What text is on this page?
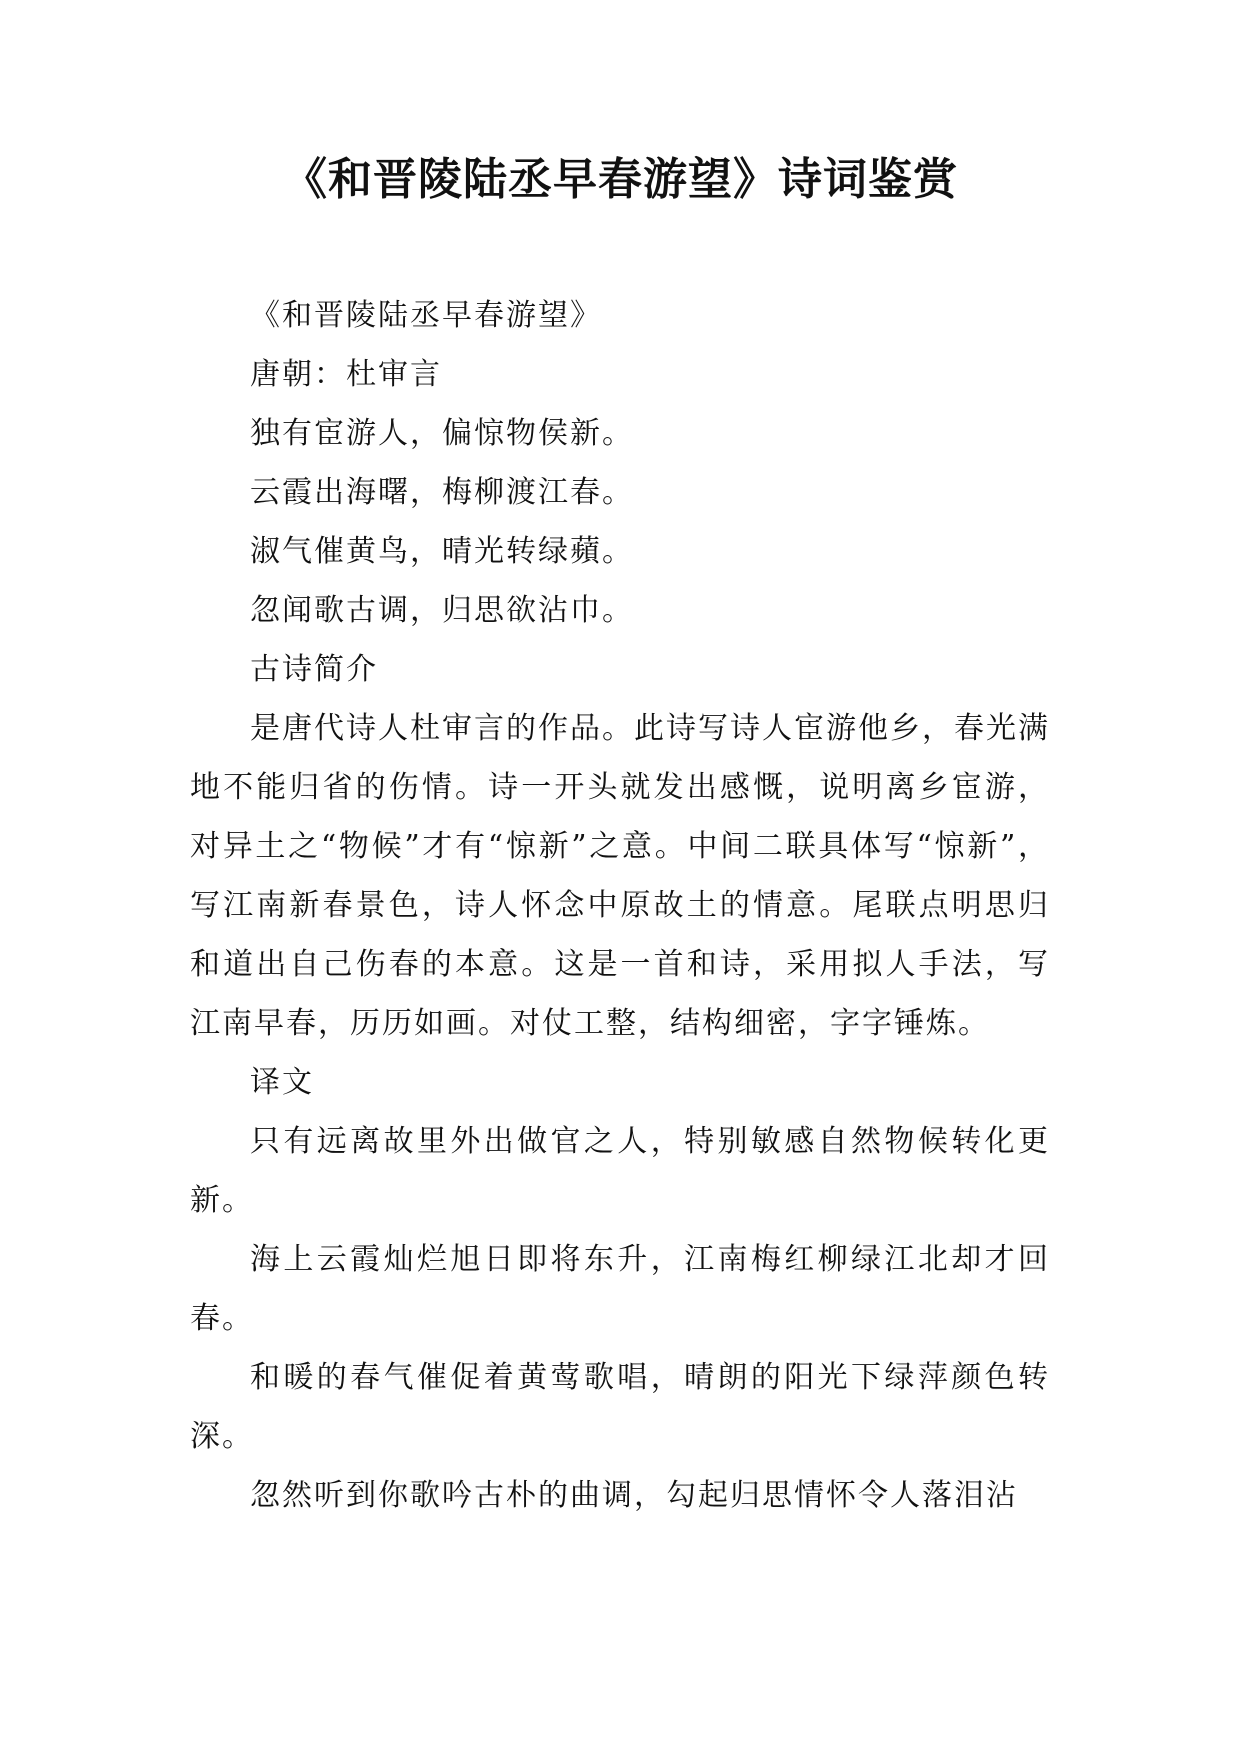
《和晋陵陆丞早春游望》诗词鉴赏

《和晋陵陆丞早春游望》

唐朝：杜审言

独有宦游人，偏惊物侯新。

云霞出海曙，梅柳渡江春。

淑气催黄鸟，晴光转绿蘋。

忽闻歌古调，归思欲沾巾。

古诗简介

是唐代诗人杜审言的作品。此诗写诗人宦游他乡，春光满地不能归省的伤情。诗一开头就发出感慨，说明离乡宦游，对异土之“物候”才有“惊新”之意。中间二联具体写“惊新”，写江南新春景色，诗人怀念中原故土的情意。尾联点明思归和道出自己伤春的本意。这是一首和诗，采用拟人手法，写江南早春，历历如画。对仗工整，结构细密，字字锤炼。

译文

只有远离故里外出做官之人，特别敏感自然物候转化更新。

海上云霞灿烂旭日即将东升，江南梅红柳绿江北却才回春。

和暖的春气催促着黄莺歌唱，晴朗的阳光下绿萍颜色转深。

忽然听到你歌吟古朴的曲调，勾起归思情怀令人落泪沾
